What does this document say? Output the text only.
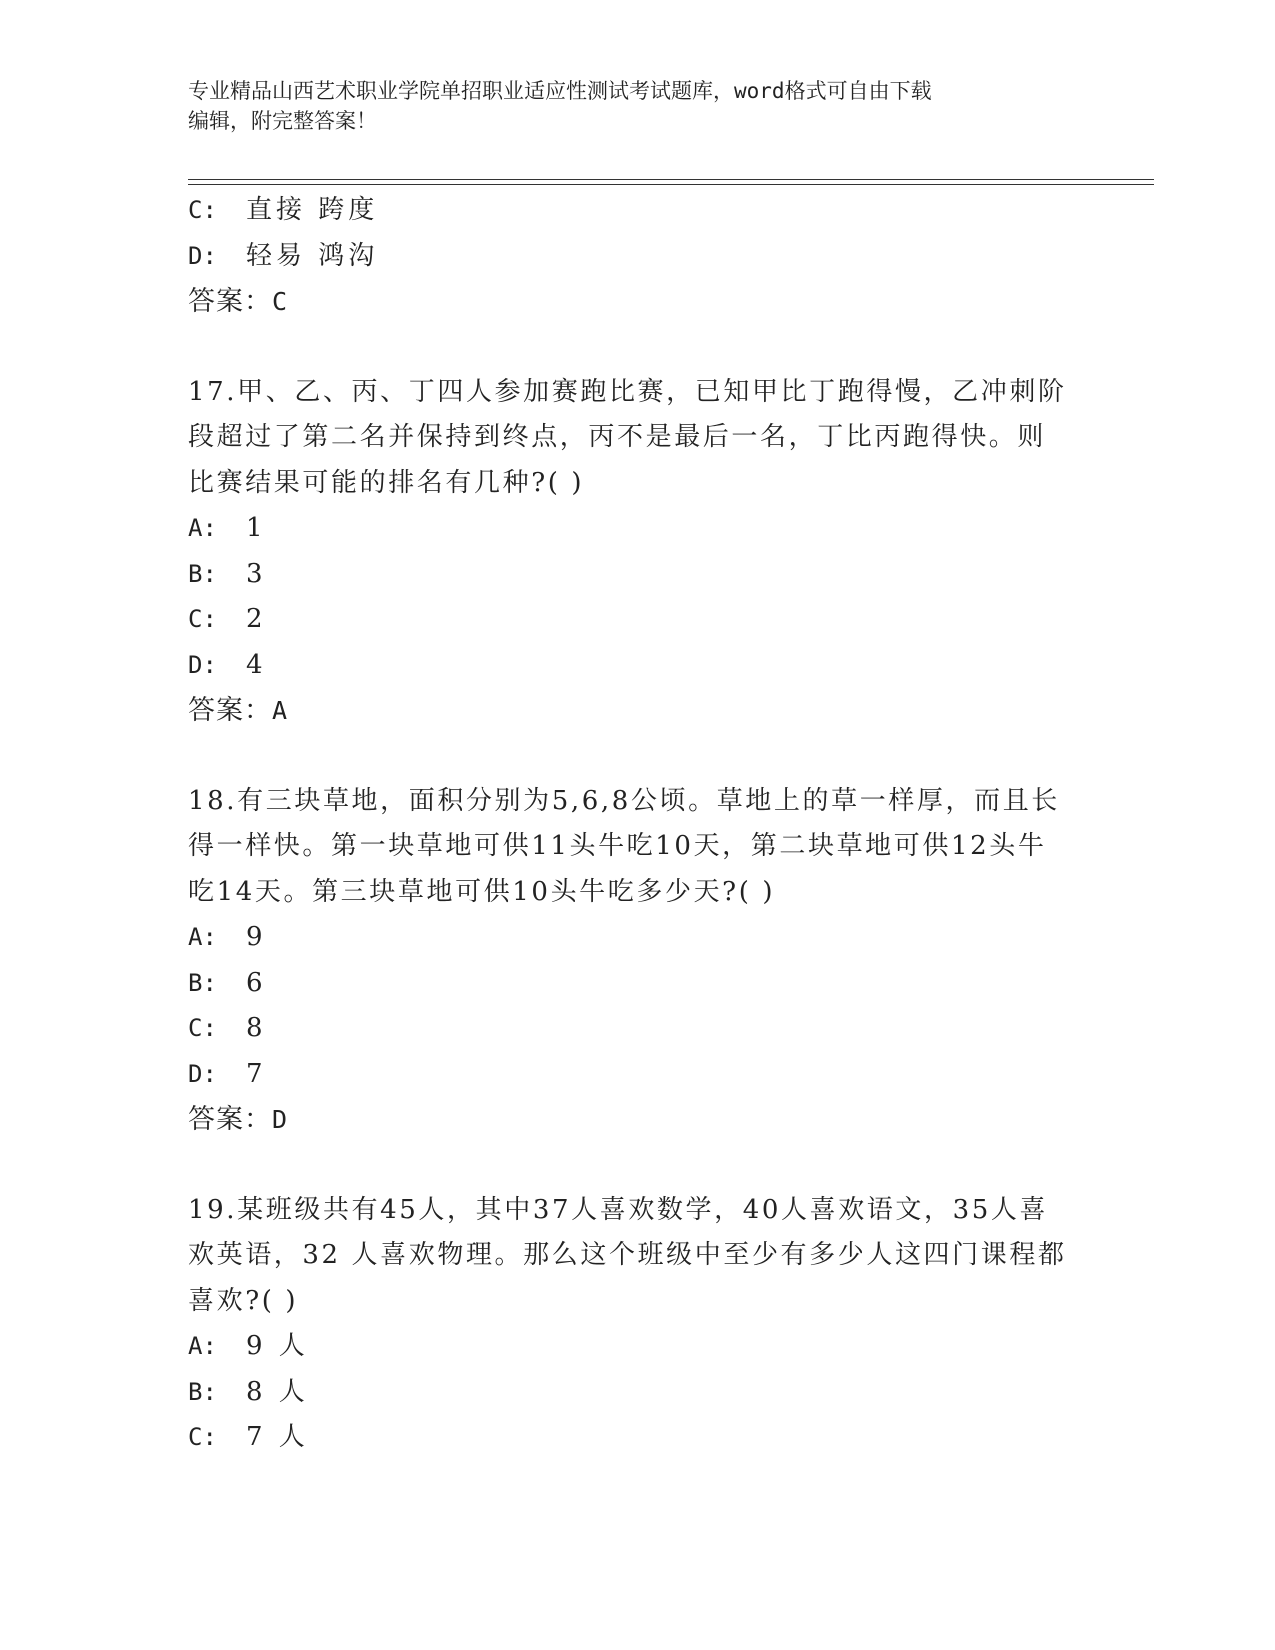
专业精品山西艺术职业学院单招职业适应性测试考试题库，word格式可自由下载
编辑，附完整答案！
C: 直接 跨度
D: 轻易 鸿沟
答案：C
17.甲、乙、丙、丁四人参加赛跑比赛，已知甲比丁跑得慢，乙冲刺阶段超过了第二名并保持到终点，丙不是最后一名，丁比丙跑得快。则比赛结果可能的排名有几种?( )
A: 1
B: 3
C: 2
D: 4
答案：A
18.有三块草地，面积分别为5,6,8公顷。草地上的草一样厚，而且长得一样快。第一块草地可供11头牛吃10天，第二块草地可供12头牛吃14天。第三块草地可供10头牛吃多少天?( )
A: 9
B: 6
C: 8
D: 7
答案：D
19.某班级共有45人，其中37人喜欢数学，40人喜欢语文，35人喜欢英语，32 人喜欢物理。那么这个班级中至少有多少人这四门课程都喜欢?( )
A: 9 人
B: 8 人
C: 7 人
